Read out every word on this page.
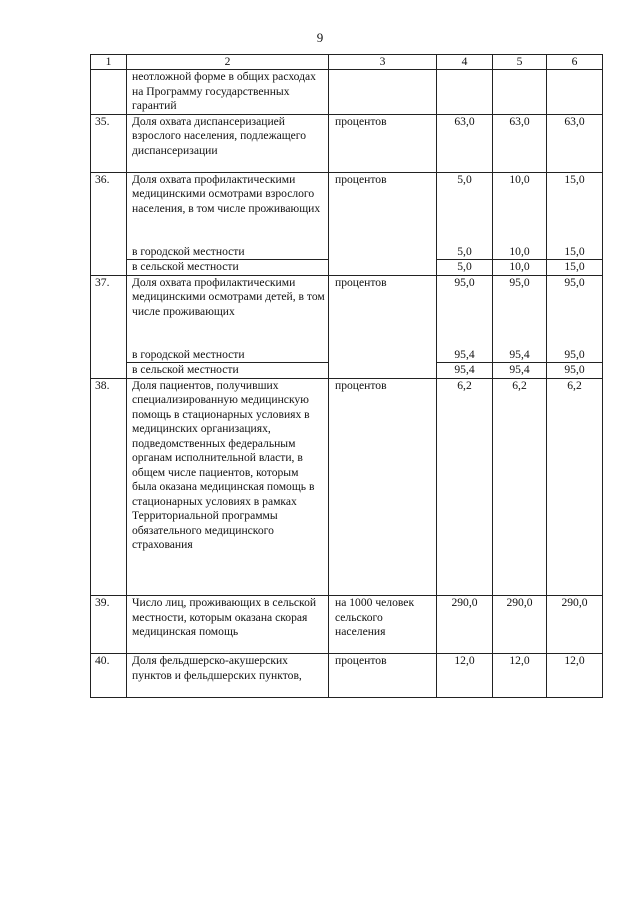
9
1	2	3	4	5	6
	неотложной форме в общих расходах на Программу государственных гарантий				
35.	Доля охвата диспансеризацией взрослого населения, подлежащего диспансеризации	процентов	63,0	63,0	63,0
36.	Доля охвата профилактическими медицинскими осмотрами взрослого населения, в том числе проживающих	процентов	5,0	10,0	15,0
	в городской местности		5,0	10,0	15,0
	в сельской местности		5,0	10,0	15,0
37.	Доля охвата профилактическими медицинскими осмотрами детей, в том числе проживающих	процентов	95,0	95,0	95,0
	в городской местности		95,4	95,4	95,0
	в сельской местности		95,4	95,4	95,0
38.	Доля пациентов, получивших специализированную медицинскую помощь в стационарных условиях в медицинских организациях, подведомственных федеральным органам исполнительной власти, в общем числе пациентов, которым была оказана медицинская помощь в стационарных условиях в рамках Территориальной программы обязательного медицинского страхования	процентов	6,2	6,2	6,2
39.	Число лиц, проживающих в сельской местности, которым оказана скорая медицинская помощь	на 1000 человек сельского населения	290,0	290,0	290,0
40.	Доля фельдшерско-акушерских пунктов и фельдшерских пунктов,	процентов	12,0	12,0	12,0
